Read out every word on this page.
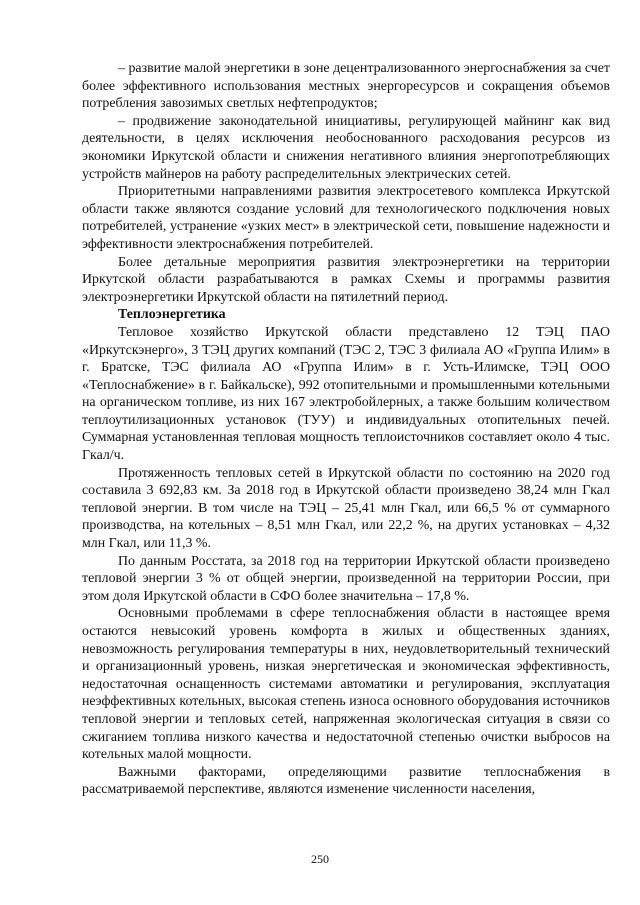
– развитие малой энергетики в зоне децентрализованного энергоснабжения за счет более эффективного использования местных энергоресурсов и сокращения объемов потребления завозимых светлых нефтепродуктов;

– продвижение законодательной инициативы, регулирующей майнинг как вид деятельности, в целях исключения необоснованного расходования ресурсов из экономики Иркутской области и снижения негативного влияния энергопотребляющих устройств майнеров на работу распределительных электрических сетей.

Приоритетными направлениями развития электросетевого комплекса Иркутской области также являются создание условий для технологического подключения новых потребителей, устранение «узких мест» в электрической сети, повышение надежности и эффективности электроснабжения потребителей.

Более детальные мероприятия развития электроэнергетики на территории Иркутской области разрабатываются в рамках Схемы и программы развития электроэнергетики Иркутской области на пятилетний период.

Теплоэнергетика

Тепловое хозяйство Иркутской области представлено 12 ТЭЦ ПАО «Иркутскэнерго», 3 ТЭЦ других компаний (ТЭС 2, ТЭС 3 филиала АО «Группа Илим» в г. Братске, ТЭС филиала АО «Группа Илим» в г. Усть-Илимске, ТЭЦ ООО «Теплоснабжение» в г. Байкальске), 992 отопительными и промышленными котельными на органическом топливе, из них 167 электробойлерных, а также большим количеством теплоутилизационных установок (ТУУ) и индивидуальных отопительных печей. Суммарная установленная тепловая мощность теплоисточников составляет около 4 тыс. Гкал/ч.

Протяженность тепловых сетей в Иркутской области по состоянию на 2020 год составила 3 692,83 км. За 2018 год в Иркутской области произведено 38,24 млн Гкал тепловой энергии. В том числе на ТЭЦ – 25,41 млн Гкал, или 66,5 % от суммарного производства, на котельных – 8,51 млн Гкал, или 22,2 %, на других установках – 4,32 млн Гкал, или 11,3 %.

По данным Росстата, за 2018 год на территории Иркутской области произведено тепловой энергии 3 % от общей энергии, произведенной на территории России, при этом доля Иркутской области в СФО более значительна – 17,8 %.

Основными проблемами в сфере теплоснабжения области в настоящее время остаются невысокий уровень комфорта в жилых и общественных зданиях, невозможность регулирования температуры в них, неудовлетворительный технический и организационный уровень, низкая энергетическая и экономическая эффективность, недостаточная оснащенность системами автоматики и регулирования, эксплуатация неэффективных котельных, высокая степень износа основного оборудования источников тепловой энергии и тепловых сетей, напряженная экологическая ситуация в связи со сжиганием топлива низкого качества и недостаточной степенью очистки выбросов на котельных малой мощности.

Важными факторами, определяющими развитие теплоснабжения в рассматриваемой перспективе, являются изменение численности населения,

250
